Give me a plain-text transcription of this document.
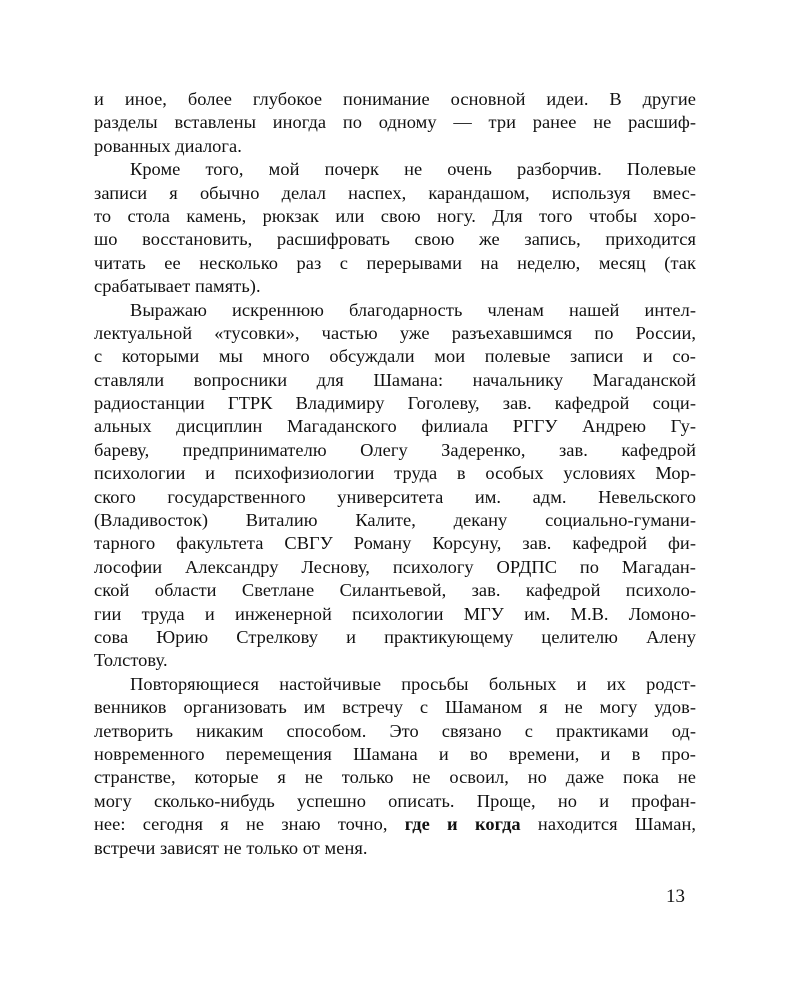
и иное, более глубокое понимание основной идеи. В другие
разделы вставлены иногда по одному — три ранее не расшиф-
рованных диалога.
Кроме того, мой почерк не очень разборчив. Полевые
записи я обычно делал наспех, карандашом, используя вмес-
то стола камень, рюкзак или свою ногу. Для того чтобы хоро-
шо восстановить, расшифровать свою же запись, приходится
читать ее несколько раз с перерывами на неделю, месяц (так
срабатывает память).
Выражаю искреннюю благодарность членам нашей интел-
лектуальной «тусовки», частью уже разъехавшимся по России,
с которыми мы много обсуждали мои полевые записи и со-
ставляли вопросники для Шамана: начальнику Магаданской
радиостанции ГТРК Владимиру Гоголеву, зав. кафедрой соци-
альных дисциплин Магаданского филиала РГГУ Андрею Гу-
бареву, предпринимателю Олегу Задеренко, зав. кафедрой
психологии и психофизиологии труда в особых условиях Мор-
ского государственного университета им. адм. Невельского
(Владивосток) Виталию Калите, декану социально-гумани-
тарного факультета СВГУ Роману Корсуну, зав. кафедрой фи-
лософии Александру Леснову, психологу ОРДПС по Магадан-
ской области Светлане Силантьевой, зав. кафедрой психоло-
гии труда и инженерной психологии МГУ им. М.В. Ломоно-
сова Юрию Стрелкову и практикующему целителю Алену
Толстову.
Повторяющиеся настойчивые просьбы больных и их родст-
венников организовать им встречу с Шаманом я не могу удов-
летворить никаким способом. Это связано с практиками од-
новременного перемещения Шамана и во времени, и в про-
странстве, которые я не только не освоил, но даже пока не
могу сколько-нибудь успешно описать. Проще, но и профан-
нее: сегодня я не знаю точно, где и когда находится Шаман,
встречи зависят не только от меня.
13
